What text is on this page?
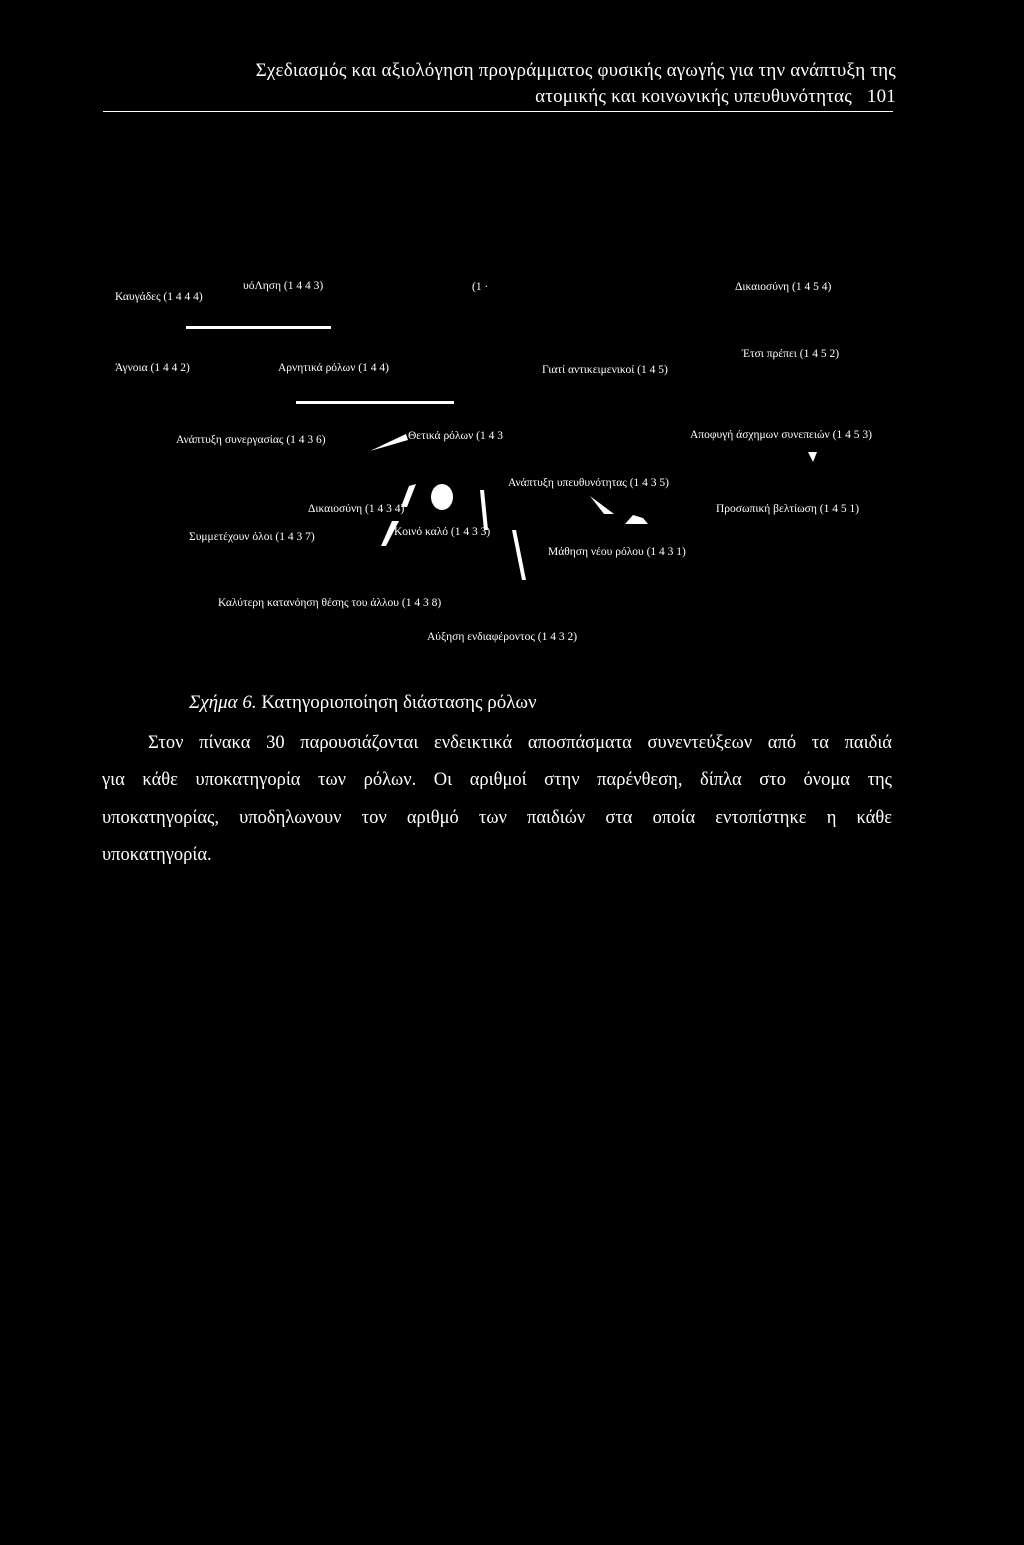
Σχεδιασμός και αξιολόγηση προγράμματος φυσικής αγωγής για την ανάπτυξη της
ατομικής και κοινωνικής υπευθυνότητας 101
Καυγάδες (1 4 4 4)
υόΛηση (1 4 4 3)	(1 ·	Δικαιοσύνη (1 4 5 4)
Άγνοια (1 4 4 2)	Αρνητικά ρόλων (1 4 4)	Γιατί αντικειμενικοί (1 4 5)
Έτσι πρέπει (1 4 5 2)
Ανάπτυξη συνεργασίας (1 4 3 6)	Θετικά ρόλων (1 4 3	Αποφυγή άσχημων συνεπειών (1 4 5 3)
Ανάπτυξη υπευθυνότητας (1 4 3 5)
Δικαιοσύνη (1 4 3 4)	Προσωπική βελτίωση (1 4 5 1)
Συμμετέχουν όλοι (1 4 3 7)	Κοινό καλό (1 4 3 3)
Μάθηση νέου ρόλου (1 4 3 1)
Καλύτερη κατανόηση θέσης του άλλου (1 4 3 8)
Αύξηση ενδιαφέροντος (1 4 3 2)
Σχήμα 6. Κατηγοριοποίηση διάστασης ρόλων
Στον πίνακα 30 παρουσιάζονται ενδεικτικά αποσπάσματα συνεντεύξεων από τα παιδιά
για κάθε υποκατηγορία των ρόλων. Οι αριθμοί στην παρένθεση, δίπλα στο όνομα της
υποκατηγορίας, υποδηλωνουν τον αριθμό των παιδιών στα οποία εντοπίστηκε η κάθε
υποκατηγορία.
